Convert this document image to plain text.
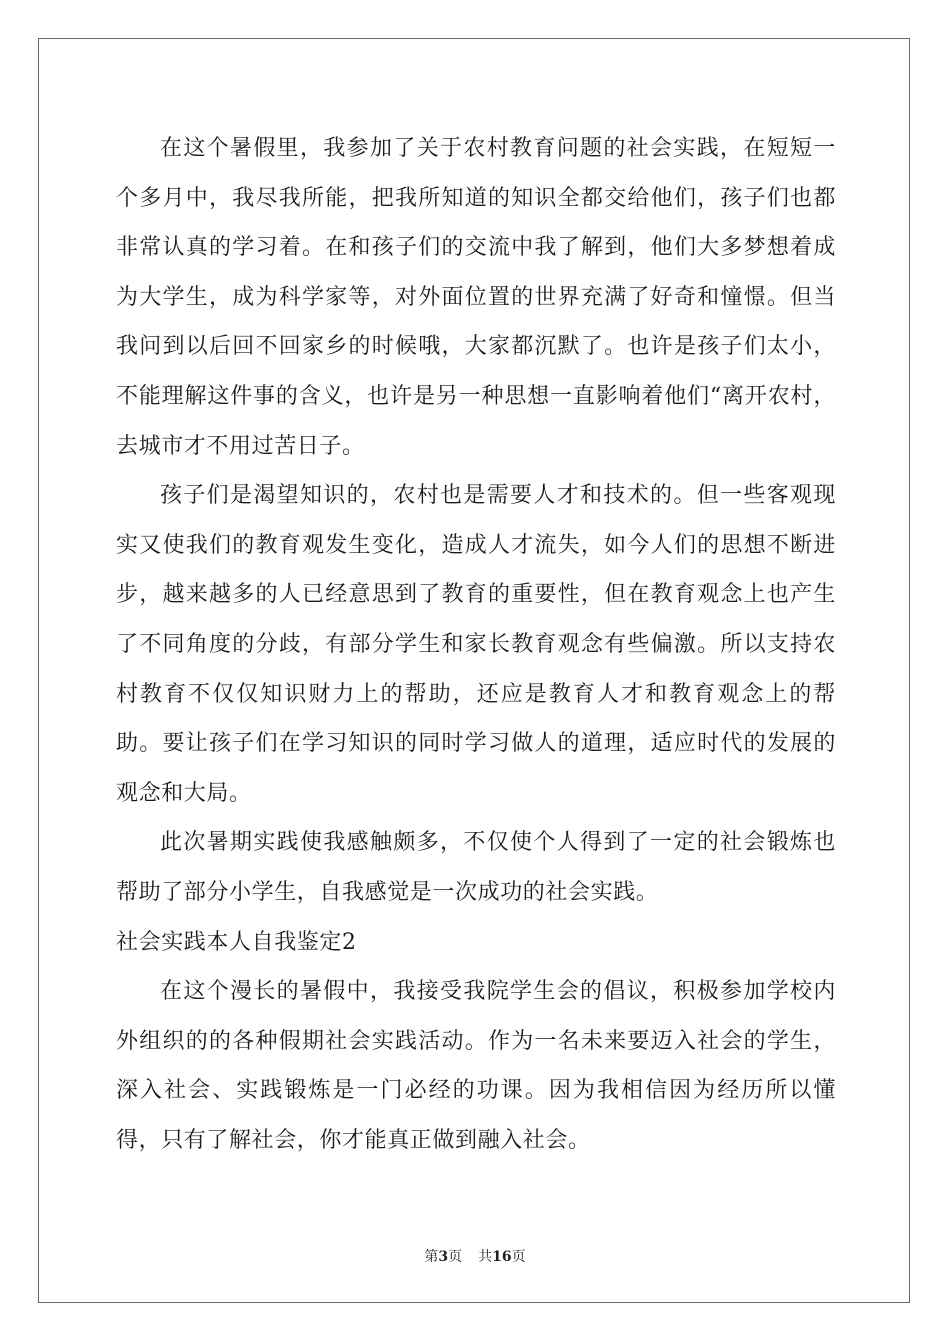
在这个暑假里，我参加了关于农村教育问题的社会实践，在短短一个多月中，我尽我所能，把我所知道的知识全都交给他们，孩子们也都非常认真的学习着。在和孩子们的交流中我了解到，他们大多梦想着成为大学生，成为科学家等，对外面位置的世界充满了好奇和憧憬。但当我问到以后回不回家乡的时候哦，大家都沉默了。也许是孩子们太小，不能理解这件事的含义，也许是另一种思想一直影响着他们“离开农村，去城市才不用过苦日子。

孩子们是渴望知识的，农村也是需要人才和技术的。但一些客观现实又使我们的教育观发生变化，造成人才流失，如今人们的思想不断进步，越来越多的人已经意思到了教育的重要性，但在教育观念上也产生了不同角度的分歧，有部分学生和家长教育观念有些偏激。所以支持农村教育不仅仅知识财力上的帮助，还应是教育人才和教育观念上的帮助。要让孩子们在学习知识的同时学习做人的道理，适应时代的发展的观念和大局。

此次暑期实践使我感触颇多，不仅使个人得到了一定的社会锻炼也帮助了部分小学生，自我感觉是一次成功的社会实践。

社会实践本人自我鉴定2

在这个漫长的暑假中，我接受我院学生会的倡议，积极参加学校内外组织的的各种假期社会实践活动。作为一名未来要迈入社会的学生，深入社会、实践锻炼是一门必经的功课。因为我相信因为经历所以懂得，只有了解社会，你才能真正做到融入社会。

第3页 共16页
